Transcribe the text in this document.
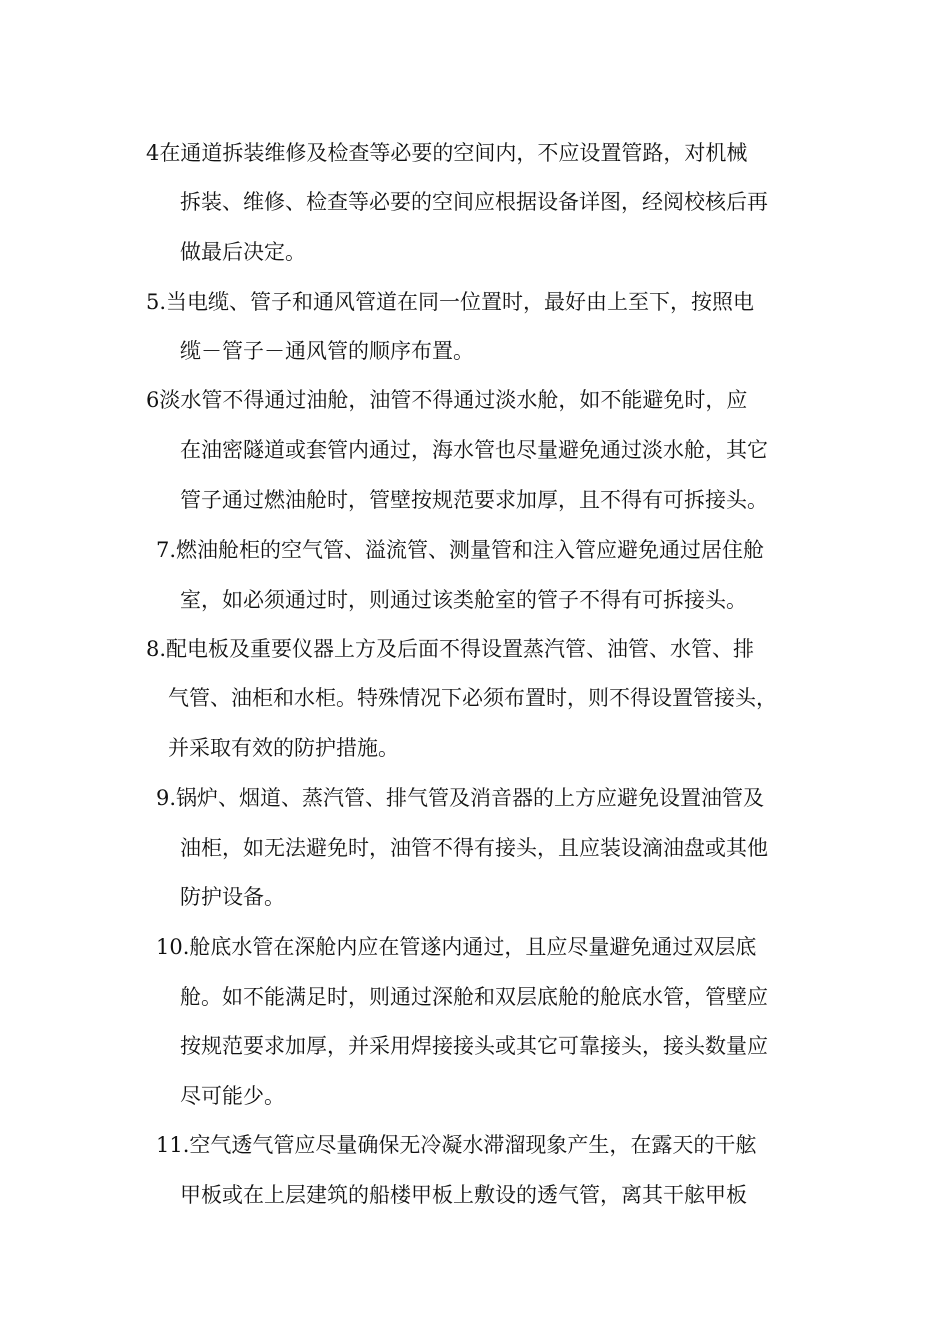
4在通道拆装维修及检查等必要的空间内，不应设置管路，对机械
拆装、维修、检查等必要的空间应根据设备详图，经阅校核后再
做最后决定。
5.当电缆、管子和通风管道在同一位置时，最好由上至下，按照电
缆－管子－通风管的顺序布置。
6淡水管不得通过油舱，油管不得通过淡水舱，如不能避免时，应
在油密隧道或套管内通过，海水管也尽量避免通过淡水舱，其它
管子通过燃油舱时，管壁按规范要求加厚，且不得有可拆接头。
7.燃油舱柜的空气管、溢流管、测量管和注入管应避免通过居住舱
室，如必须通过时，则通过该类舱室的管子不得有可拆接头。
8.配电板及重要仪器上方及后面不得设置蒸汽管、油管、水管、排
气管、油柜和水柜。特殊情况下必须布置时，则不得设置管接头，
并采取有效的防护措施。
9.锅炉、烟道、蒸汽管、排气管及消音器的上方应避免设置油管及
油柜，如无法避免时，油管不得有接头，且应装设滴油盘或其他
防护设备。
10.舱底水管在深舱内应在管遂内通过，且应尽量避免通过双层底
舱。如不能满足时，则通过深舱和双层底舱的舱底水管，管壁应
按规范要求加厚，并采用焊接接头或其它可靠接头，接头数量应
尽可能少。
11.空气透气管应尽量确保无冷凝水滞溜现象产生，在露天的干舷
甲板或在上层建筑的船楼甲板上敷设的透气管，离其干舷甲板
